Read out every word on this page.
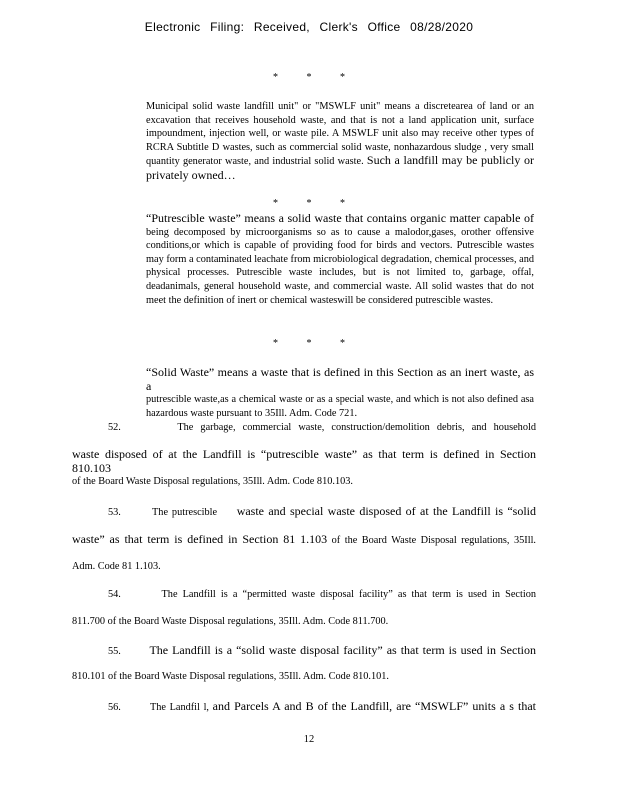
Electronic Filing: Received, Clerk's Office 08/28/2020
* * *
Municipal solid waste landfill unit" or "MSWLF unit" means a discretearea of land or an excavation that receives household waste, and that is not a land application unit, surface impoundment, injection well, or waste pile. A MSWLF unit also may receive other types of RCRA Subtitle D wastes, such as commercial solid waste, nonhazardous sludge , very small quantity generator waste, and industrial solid waste. Such a landfill may be publicly or privately owned…
* * *
“Putrescible waste” means a solid waste that contains organic matter capable of
being decomposed by microorganisms so as to cause a malodor,gases, orother offensive conditions,or which is capable of providing food for birds and vectors. Putrescible wastes may form a contaminated leachate from microbiological degradation, chemical processes, and physical processes. Putrescible waste includes, but is not limited to, garbage, offal, deadanimals, general household waste, and commercial waste. All solid wastes that do not meet the definition of inert or chemical wasteswill be considered putrescible wastes.
* * *
“Solid Waste” means a waste that is defined in this Section as an inert waste, as a
putrescible waste,as a chemical waste or as a special waste, and which is not also defined asa hazardous waste pursuant to 35Ill. Adm. Code 721.
52.	The garbage, commercial waste, construction/demolition debris, and household
waste disposed of at the Landfill is “putrescible waste” as that term is defined in Section 810.103
of the Board Waste Disposal regulations, 35Ill. Adm. Code 810.103.
53.	The putrescible waste and special waste disposed of at the Landfill is “solid
waste” as that term is defined in Section 81 1.103 of the Board Waste Disposal regulations, 35Ill.
Adm. Code 81 1.103.
54.	The Landfill is a “permitted waste disposal facility” as that term is used in Section
811.700 of the Board Waste Disposal regulations, 35Ill. Adm. Code 811.700.
55. The Landfill is a “solid waste disposal facility” as that term is used in Section
810.101 of the Board Waste Disposal regulations, 35Ill. Adm. Code 810.101.
56.	The Landfil l, and Parcels A and B of the Landfill, are “MSWLF” units a s that
12
